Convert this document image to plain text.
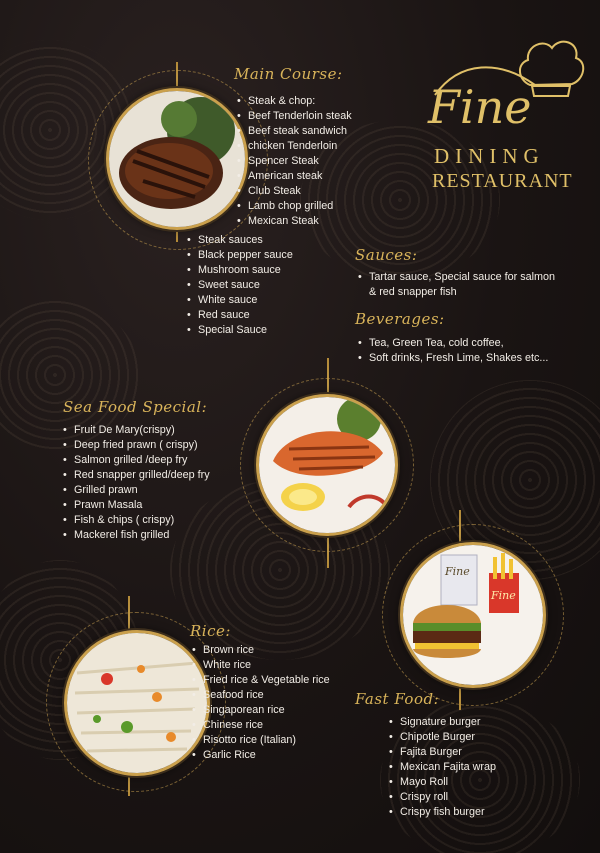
Fine
DINING
RESTAURANT
Fine
Fine
Main Course:
• Steak & chop:
• Beef Tenderloin steak
• Beef steak sandwich
• chicken Tenderloin
• Spencer Steak
• American steak
• Club Steak
• Lamb chop grilled
• Mexican Steak
• Steak sauces
• Black pepper sauce
• Mushroom sauce
• Sweet sauce
• White sauce
• Red sauce
• Special Sauce
Sauces:
• Tartar sauce, Special sauce for salmon & red snapper fish
Beverages:
• Tea, Green Tea, cold coffee,
• Soft drinks, Fresh Lime, Shakes etc...
Sea Food Special:
• Fruit De Mary(crispy)
• Deep fried prawn ( crispy)
• Salmon grilled /deep fry
• Red snapper grilled/deep fry
• Grilled prawn
• Prawn Masala
• Fish & chips ( crispy)
• Mackerel fish grilled
Rice:
• Brown rice
• White rice
• Fried rice & Vegetable rice
• Seafood rice
• Singaporean rice
• Chinese rice
• Risotto rice (Italian)
• Garlic Rice
Fast Food:
• Signature burger
• Chipotle Burger
• Fajita Burger
• Mexican Fajita wrap
• Mayo Roll
• Crispy roll
• Crispy fish burger
